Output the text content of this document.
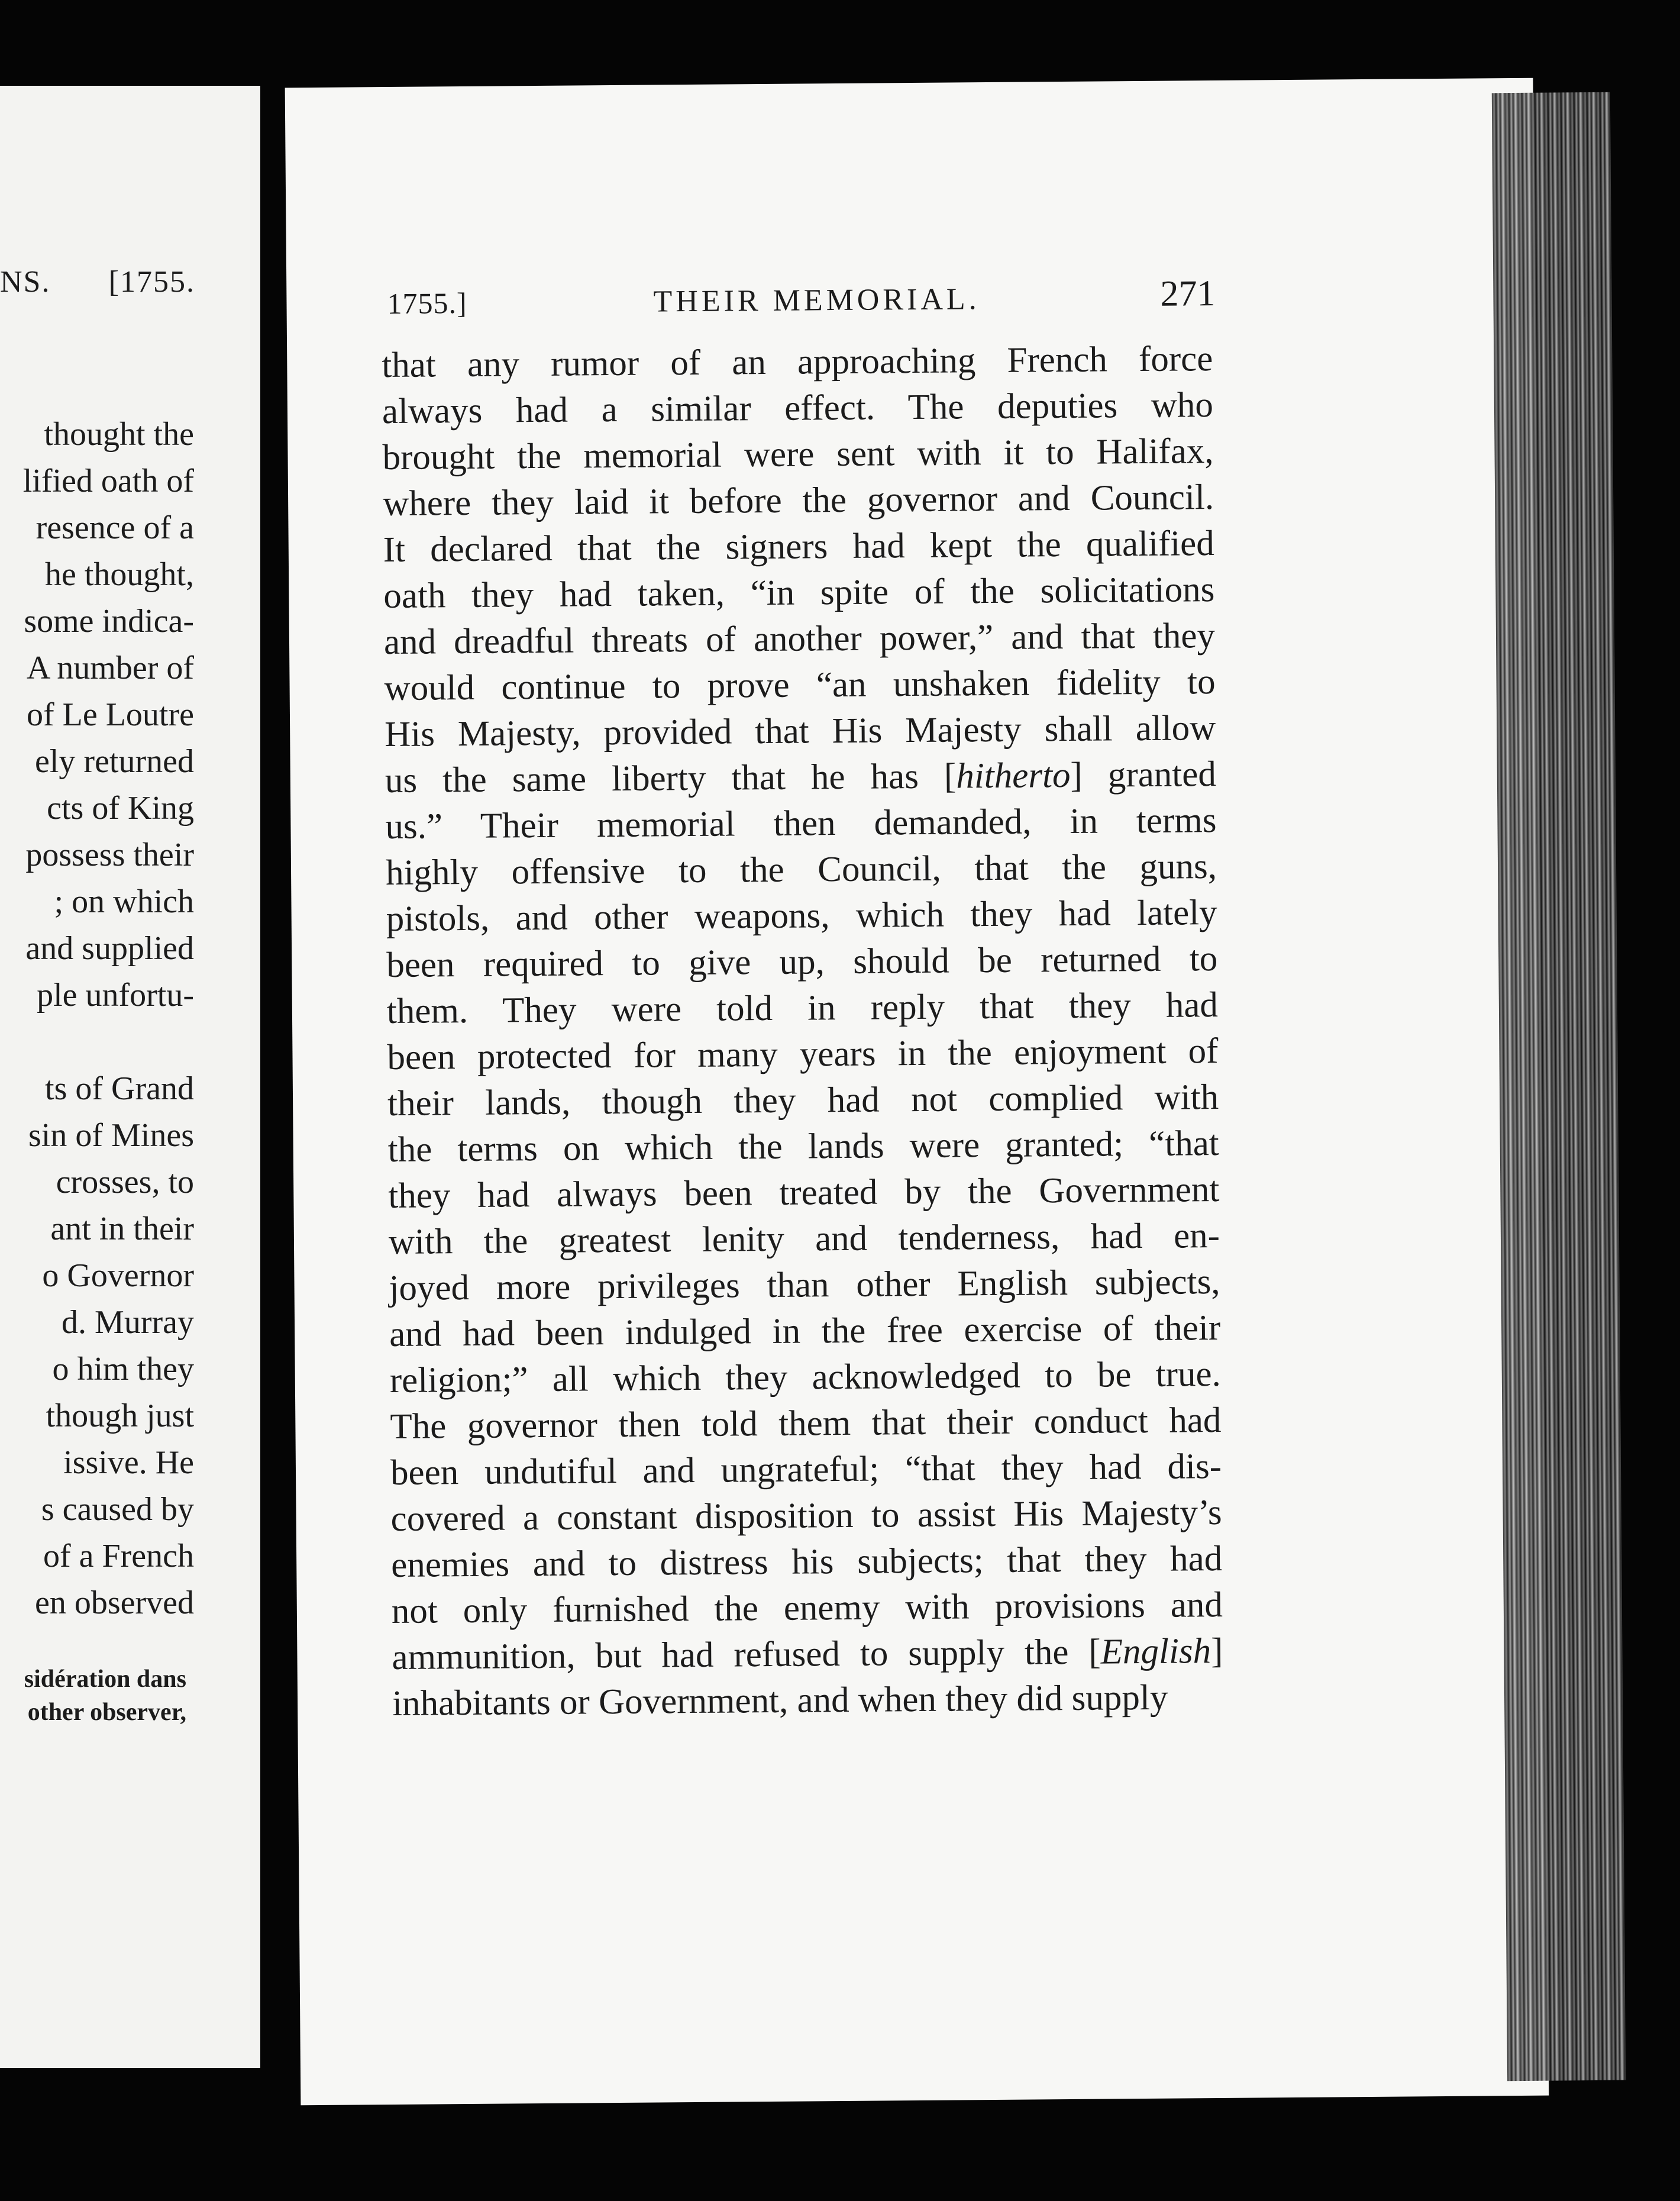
NS. [1755.
thought the
lified oath of
resence of a
he thought,
some indica-
A number of
of Le Loutre
ely returned
cts of King
possess their
; on which
and supplied
ple unfortu-

ts of Grand
sin of Mines
crosses, to
ant in their
o Governor
d. Murray
o him they
though just
issive. He
s caused by
of a French
en observed
sidération dans
other observer,
1755.]	THEIR MEMORIAL.	271
that any rumor of an approaching French force
always had a similar effect. The deputies who
brought the memorial were sent with it to Halifax,
where they laid it before the governor and Council.
It declared that the signers had kept the qualified
oath they had taken, “in spite of the solicitations
and dreadful threats of another power,” and that they
would continue to prove “an unshaken fidelity to
His Majesty, provided that His Majesty shall allow
us the same liberty that he has [hitherto] granted
us.” Their memorial then demanded, in terms
highly offensive to the Council, that the guns,
pistols, and other weapons, which they had lately
been required to give up, should be returned to
them. They were told in reply that they had
been protected for many years in the enjoyment of
their lands, though they had not complied with
the terms on which the lands were granted; “that
they had always been treated by the Government
with the greatest lenity and tenderness, had en-
joyed more privileges than other English subjects,
and had been indulged in the free exercise of their
religion;” all which they acknowledged to be true.
The governor then told them that their conduct had
been undutiful and ungrateful; “that they had dis-
covered a constant disposition to assist His Majesty’s
enemies and to distress his subjects; that they had
not only furnished the enemy with provisions and
ammunition, but had refused to supply the [English]
inhabitants or Government, and when they did supply
